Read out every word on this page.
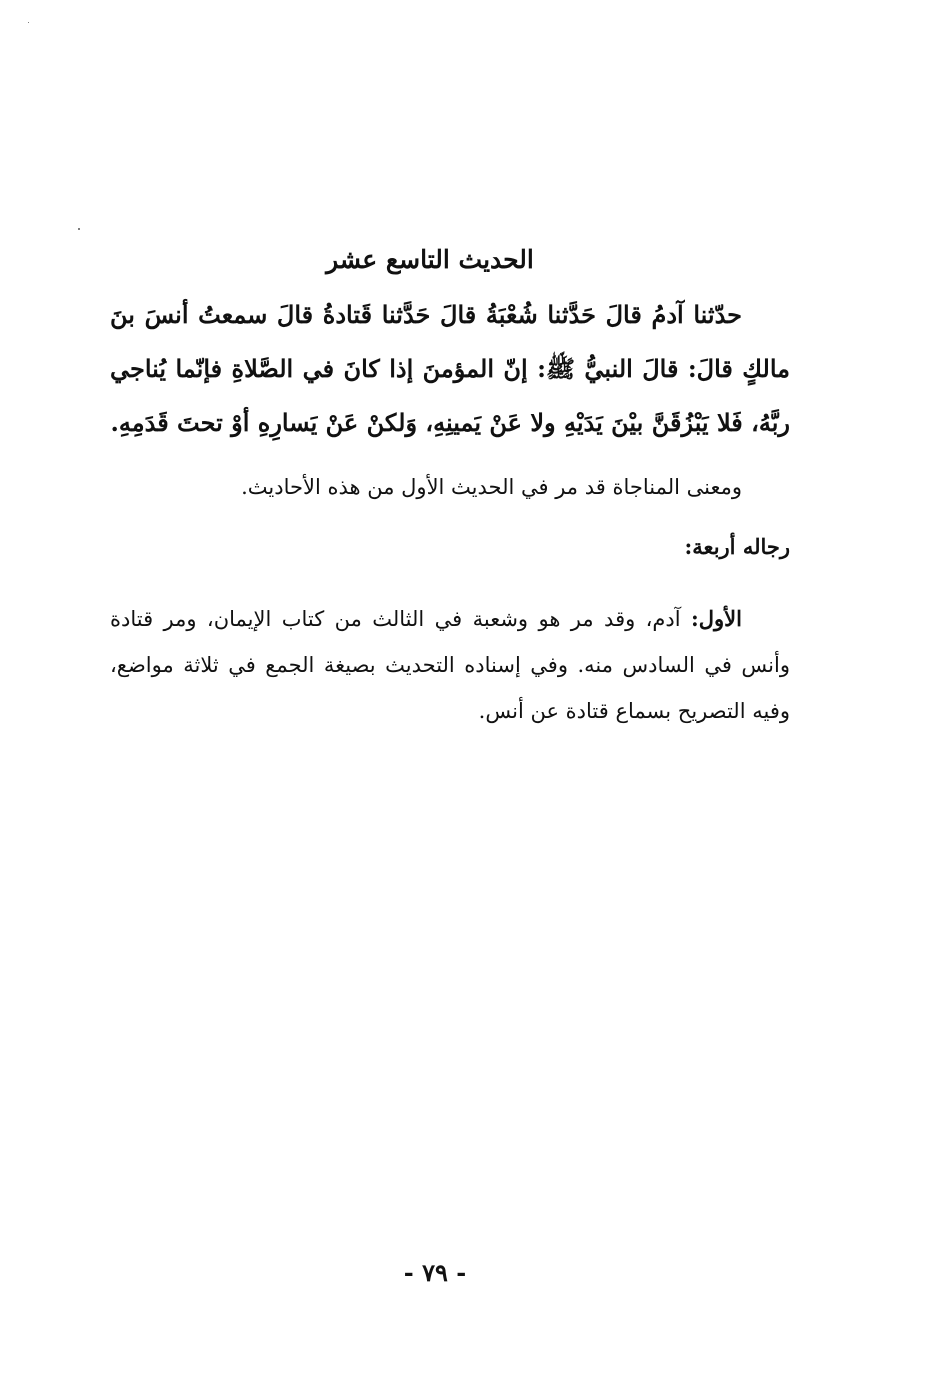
الحديث التاسع عشر

حدّثنا آدمُ قالَ حَدَّثنا شُعْبَةُ قالَ حَدَّثنا قَتادةُ قالَ سمعتُ أنسَ بنَ مالكٍ قالَ: قالَ النبيُّ ﷺ: إنّ المؤمنَ إذا كانَ في الصَّلاةِ فإنّما يُناجي ربَّهُ، فَلا يَبْزُقَنَّ بيْنَ يَدَيْهِ ولا عَنْ يَمينِهِ، وَلكنْ عَنْ يَسارِهِ أوْ تحتَ قَدَمِهِ.

ومعنى المناجاة قد مر في الحديث الأول من هذه الأحاديث.

رجاله أربعة:

الأول: آدم، وقد مر هو وشعبة في الثالث من كتاب الإيمان، ومر قتادة وأنس في السادس منه. وفي إسناده التحديث بصيغة الجمع في ثلاثة مواضع، وفيه التصريح بسماع قتادة عن أنس.

- ٧٩ -
